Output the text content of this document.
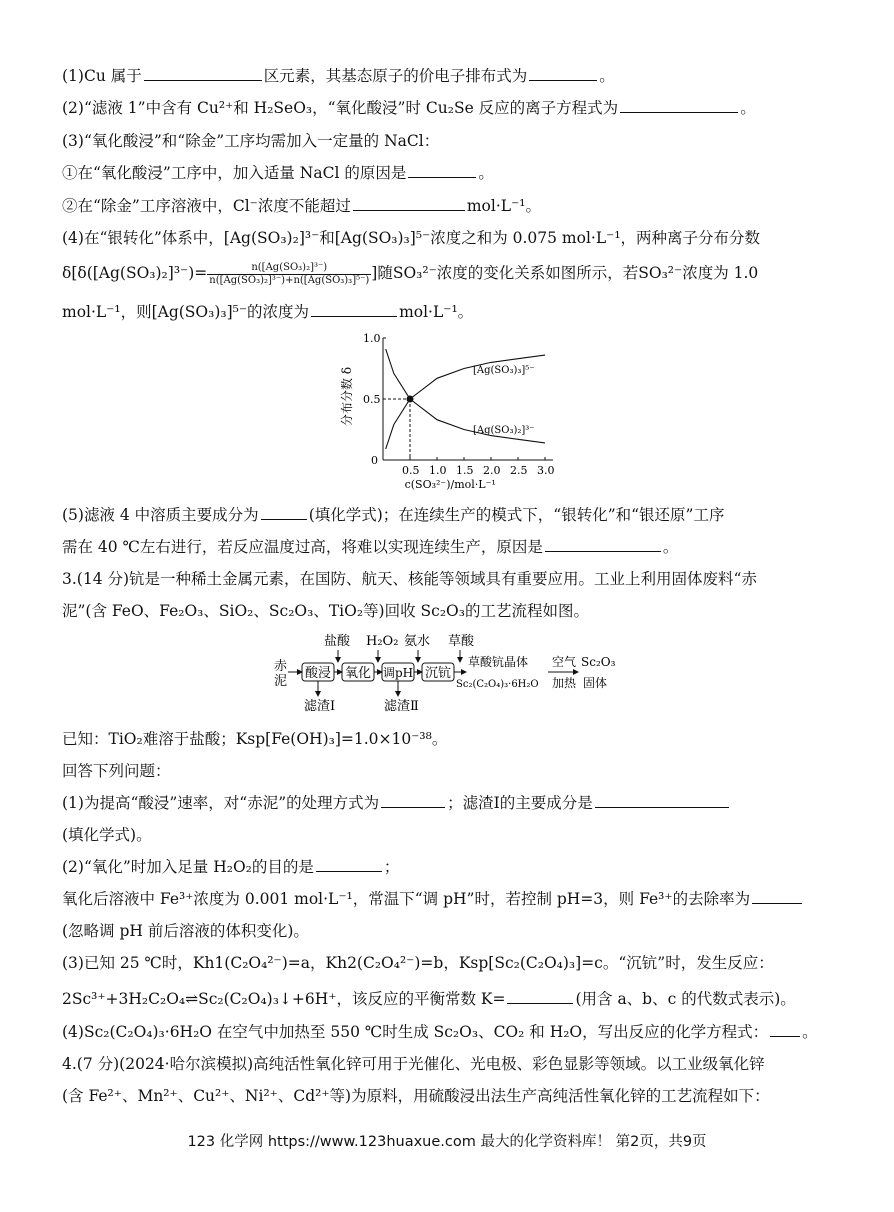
(1)Cu 属于	区元素，其基态原子的价电子排布式为	。
(2)“滤液 1”中含有 Cu²⁺和 H₂SeO₃，“氧化酸浸”时 Cu₂Se 反应的离子方程式为	。
(3)“氧化酸浸”和“除金”工序均需加入一定量的 NaCl：
①在“氧化酸浸”工序中，加入适量 NaCl 的原因是	。
②在“除金”工序溶液中，Cl⁻浓度不能超过	mol·L⁻¹。
(4)在“银转化”体系中，[Ag(SO₃)₂]³⁻和[Ag(SO₃)₃]⁵⁻浓度之和为 0.075 mol·L⁻¹，两种离子分布分数
$\delta[\delta([Ag(SO_3)_2]^{3-})= \frac{\text{n([Ag(SO₃)₂]³⁻)}}{\text{n([Ag(SO₃)₂]³⁻)+n([Ag(SO₃)₃]⁵⁻)}}$ ]随SO₃²⁻浓度的变化关系如图所示，若SO₃²⁻浓度为 1.0
mol·L⁻¹，则[Ag(SO₃)₃]⁵⁻的浓度为	mol·L⁻¹。
0
0.5 1.0 1.5 2.0 2.5 3.0
0.5
1.0
分布分数 δ
c(SO₃²⁻)/mol·L⁻¹
[Ag(SO₃)₃]⁵⁻
[Ag(SO₃)₂]³⁻
(5)滤液 4 中溶质主要成分为	(填化学式)；在连续生产的模式下，“银转化”和“银还原”工序
需在 40 ℃左右进行，若反应温度过高，将难以实现连续生产，原因是	。
3.(14 分)钪是一种稀土金属元素，在国防、航天、核能等领域具有重要应用。工业上利用固体废料“赤
泥”(含 FeO、Fe₂O₃、SiO₂、Sc₂O₃、TiO₂等)回收 Sc₂O₃的工艺流程如图。
盐酸 H₂O₂ 氨水 草酸
赤
泥
酸浸 氧化 调pH 沉钪
草酸钪晶体
Sc₂(C₂O₄)₃·6H₂O
空气
加热
Sc₂O₃
固体
滤渣Ⅰ	滤渣Ⅱ
已知：TiO₂难溶于盐酸；Ksp[Fe(OH)₃]=1.0×10⁻³⁸。
回答下列问题：
(1)为提高“酸浸”速率，对“赤泥”的处理方式为	；滤渣Ⅰ的主要成分是
(填化学式)。
(2)“氧化”时加入足量 H₂O₂的目的是	；
氧化后溶液中 Fe³⁺浓度为 0.001 mol·L⁻¹，常温下“调 pH”时，若控制 pH=3，则 Fe³⁺的去除率为
(忽略调 pH 前后溶液的体积变化)。
(3)已知 25 ℃时，Kh1(C₂O₄²⁻)=a，Kh2(C₂O₄²⁻)=b，Ksp[Sc₂(C₂O₄)₃]=c。“沉钪”时，发生反应：
2Sc³⁺+3H₂C₂O₄⇌Sc₂(C₂O₄)₃↓+6H⁺，该反应的平衡常数 K=	(用含 a、b、c 的代数式表示)。
(4)Sc₂(C₂O₄)₃·6H₂O 在空气中加热至 550 ℃时生成 Sc₂O₃、CO₂ 和 H₂O，写出反应的化学方程式： 。
4.(7 分)(2024·哈尔滨模拟)高纯活性氧化锌可用于光催化、光电极、彩色显影等领域。以工业级氧化锌
(含 Fe²⁺、Mn²⁺、Cu²⁺、Ni²⁺、Cd²⁺等)为原料，用硫酸浸出法生产高纯活性氧化锌的工艺流程如下：
123 化学网 https://www.123huaxue.com 最大的化学资料库！ 第2页，共9页
